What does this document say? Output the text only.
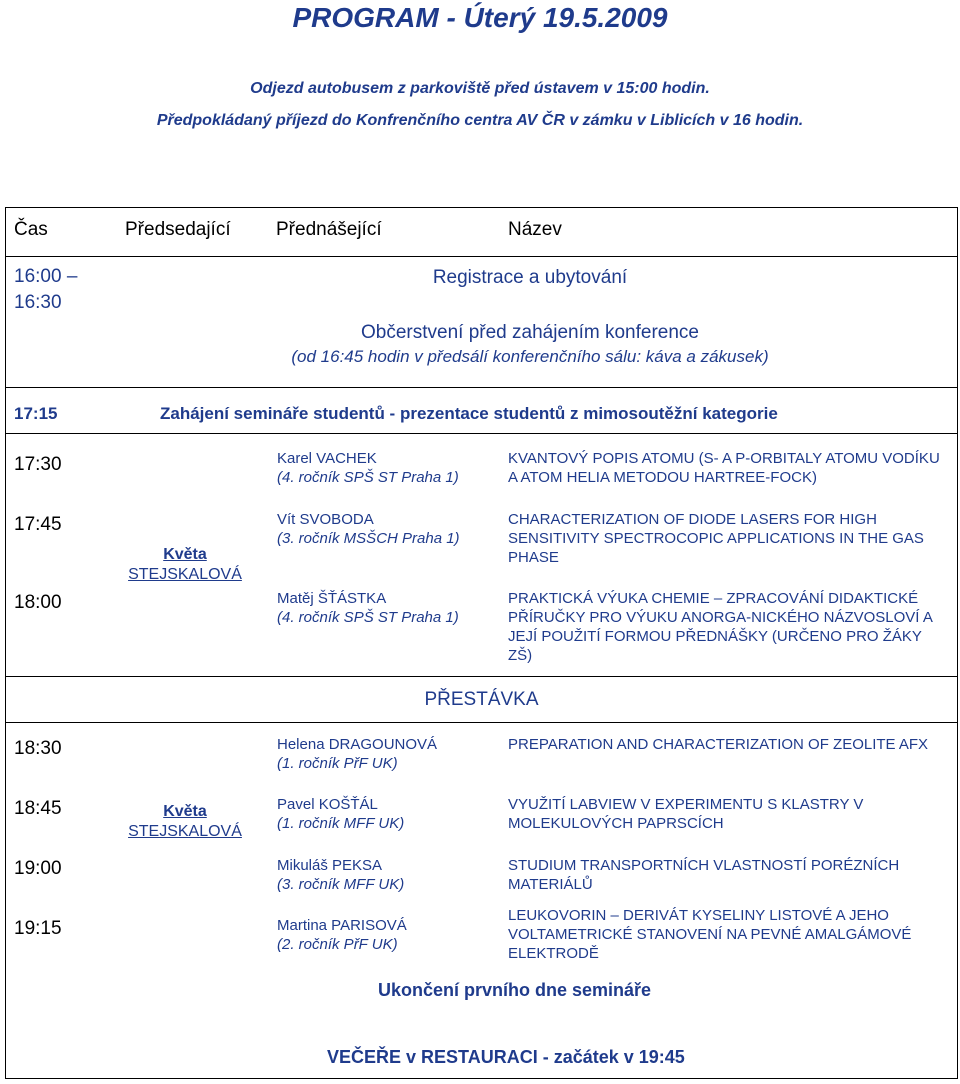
PROGRAM - Úterý 19.5.2009
Odjezd autobusem z parkoviště před ústavem v 15:00 hodin.
Předpokládaný příjezd do Konfrenčního centra AV ČR v zámku v Liblicích v 16 hodin.
Čas	Předsedající Přednášející	Název
16:00 –
16:30
Registrace a ubytování
Občerstvení před zahájením konference
(od 16:45 hodin v předsálí konferenčního sálu: káva a zákusek)
17:15	Zahájení semináře studentů - prezentace studentů z mimosoutěžní kategorie
Květa
STEJSKALOVÁ
17:30	Karel VACHEK
(4. ročník SPŠ ST Praha 1)
KVANTOVÝ POPIS ATOMU (S- A P-ORBITALY ATOMU VODÍKU A ATOM HELIA METODOU HARTREE-FOCK)
17:45	Vít SVOBODA
(3. ročník MSŠCH Praha 1)
CHARACTERIZATION OF DIODE LASERS FOR HIGH SENSITIVITY SPECTROCOPIC APPLICATIONS IN THE GAS PHASE
18:00	Matěj ŠŤÁSTKA
(4. ročník SPŠ ST Praha 1)
PRAKTICKÁ VÝUKA CHEMIE – ZPRACOVÁNÍ DIDAKTICKÉ PŘÍRUČKY PRO VÝUKU ANORGA-NICKÉHO NÁZVOSLOVÍ A JEJÍ POUŽITÍ FORMOU PŘEDNÁŠKY (URČENO PRO ŽÁKY ZŠ)
PŘESTÁVKA
Květa
STEJSKALOVÁ
18:30	Helena DRAGOUNOVÁ
(1. ročník PřF UK)
PREPARATION AND CHARACTERIZATION OF ZEOLITE AFX
18:45	Pavel KOŠŤÁL
(1. ročník MFF UK)
VYUŽITÍ LABVIEW V EXPERIMENTU S KLASTRY V MOLEKULOVÝCH PAPRSCÍCH
19:00	Mikuláš PEKSA
(3. ročník MFF UK)
STUDIUM TRANSPORTNÍCH VLASTNOSTÍ PORÉZNÍCH MATERIÁLŮ
19:15	Martina PARISOVÁ
(2. ročník PřF UK)
LEUKOVORIN – DERIVÁT KYSELINY LISTOVÉ A JEHO VOLTAMETRICKÉ STANOVENÍ NA PEVNÉ AMALGÁMOVÉ ELEKTRODĚ
Ukončení prvního dne semináře
VEČEŘE v RESTAURACI - začátek v 19:45
